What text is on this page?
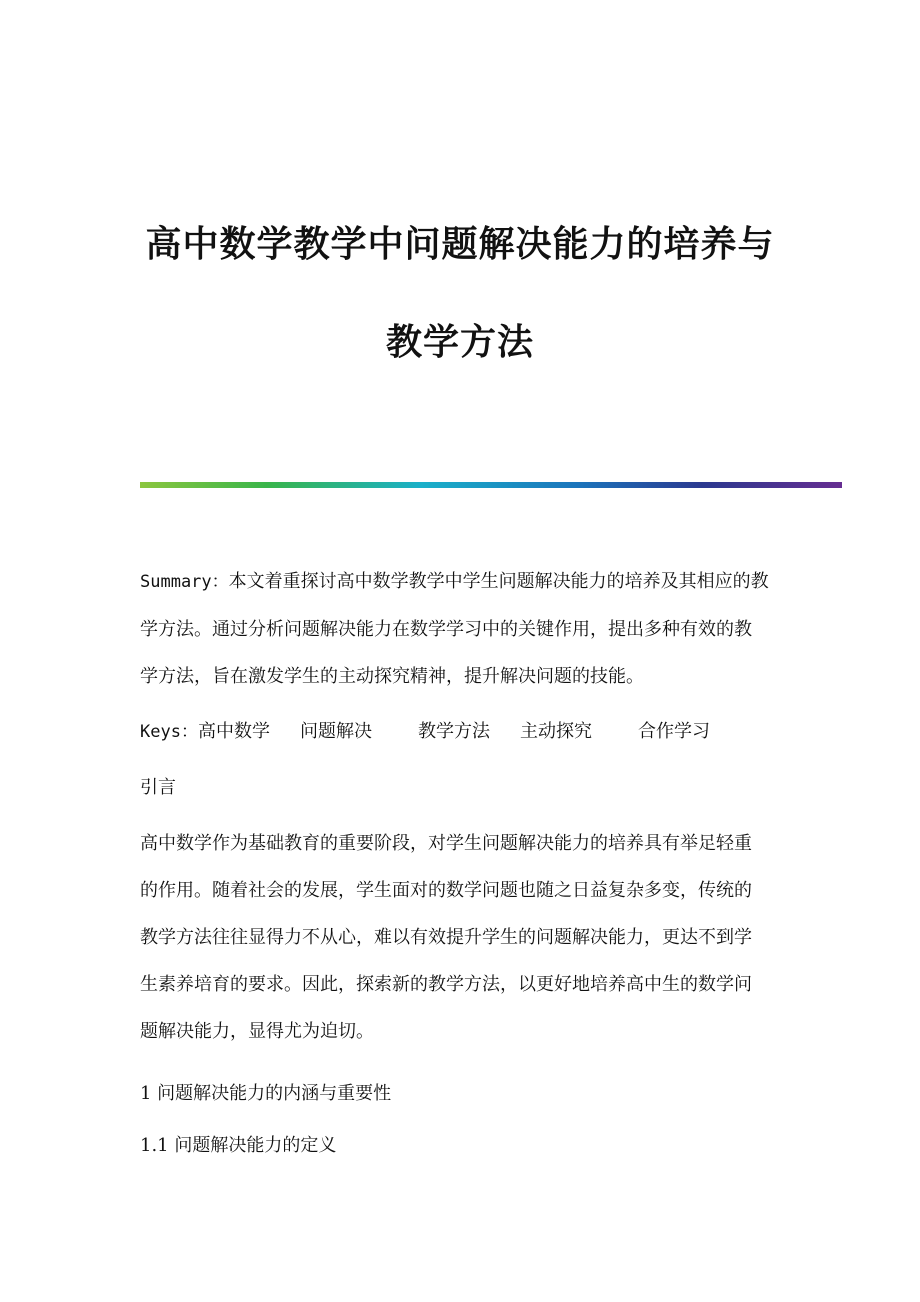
高中数学教学中问题解决能力的培养与
教学方法
Summary：本文着重探讨高中数学教学中学生问题解决能力的培养及其相应的教
学方法。通过分析问题解决能力在数学学习中的关键作用，提出多种有效的教
学方法，旨在激发学生的主动探究精神，提升解决问题的技能。
Keys：高中数学 问题解决	教学方法 主动探究	合作学习
引言
高中数学作为基础教育的重要阶段，对学生问题解决能力的培养具有举足轻重
的作用。随着社会的发展，学生面对的数学问题也随之日益复杂多变，传统的
教学方法往往显得力不从心，难以有效提升学生的问题解决能力，更达不到学
生素养培育的要求。因此，探索新的教学方法，以更好地培养高中生的数学问
题解决能力，显得尤为迫切。
1 问题解决能力的内涵与重要性
1.1 问题解决能力的定义
